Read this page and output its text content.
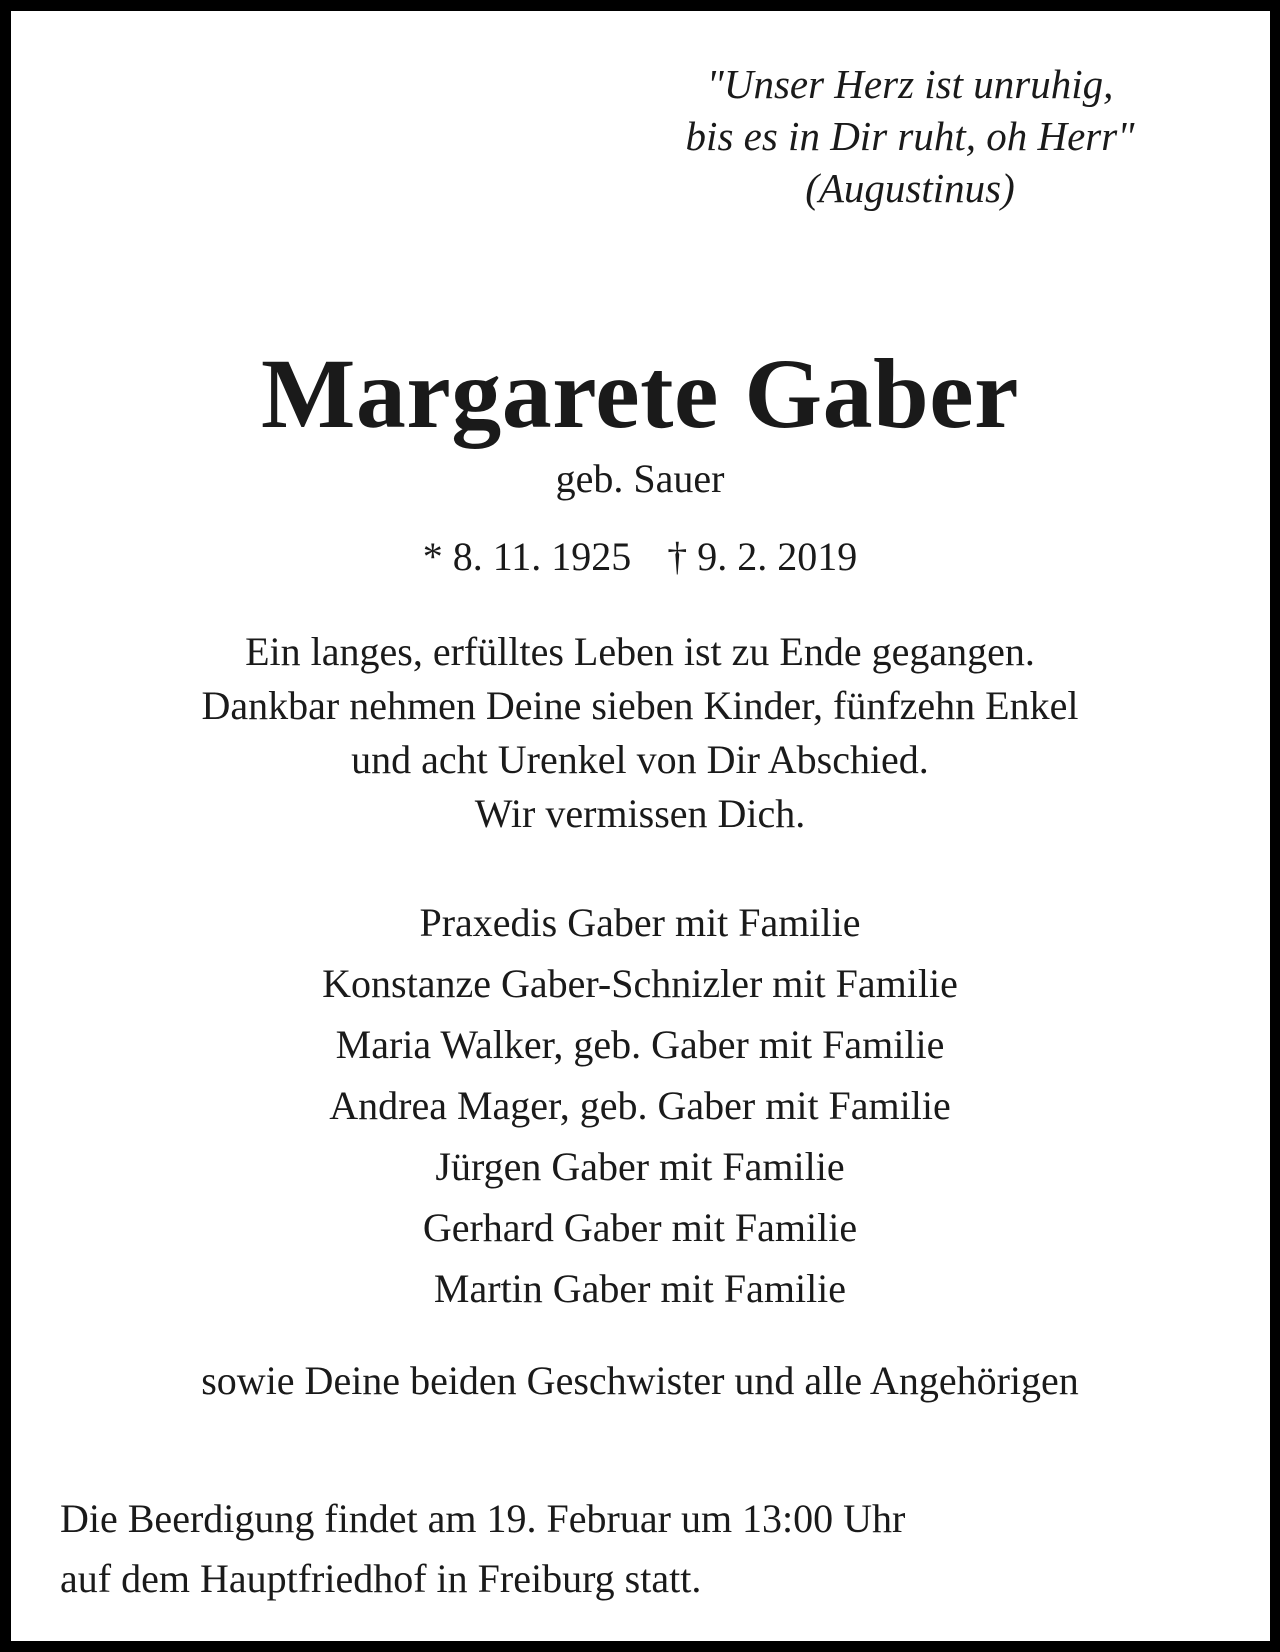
"Unser Herz ist unruhig,
bis es in Dir ruht, oh Herr"
(Augustinus)
Margarete Gaber
geb. Sauer
* 8. 11. 1925 † 9. 2. 2019
Ein langes, erfülltes Leben ist zu Ende gegangen.
Dankbar nehmen Deine sieben Kinder, fünfzehn Enkel
und acht Urenkel von Dir Abschied.
Wir vermissen Dich.
Praxedis Gaber mit Familie
Konstanze Gaber-Schnizler mit Familie
Maria Walker, geb. Gaber mit Familie
Andrea Mager, geb. Gaber mit Familie
Jürgen Gaber mit Familie
Gerhard Gaber mit Familie
Martin Gaber mit Familie
sowie Deine beiden Geschwister und alle Angehörigen
Die Beerdigung findet am 19. Februar um 13:00 Uhr
auf dem Hauptfriedhof in Freiburg statt.
